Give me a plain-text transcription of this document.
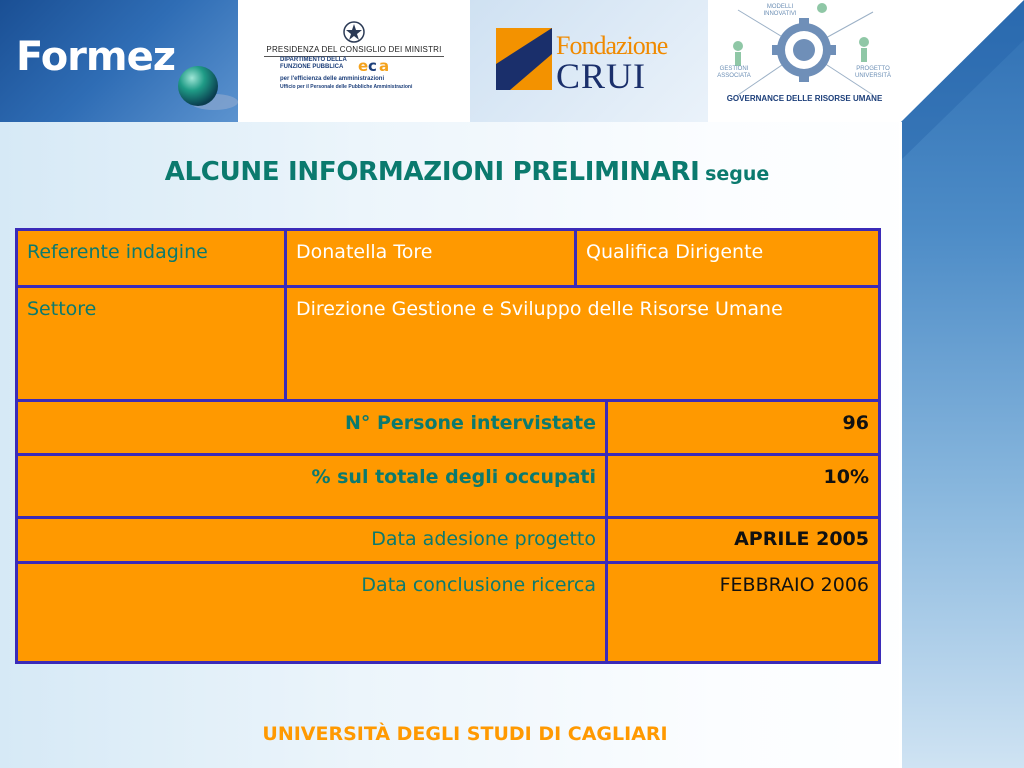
Formez	PRESIDENZA DEL CONSIGLIO DEI MINISTRI
DIPARTIMENTO DELLA
FUNZIONE PUBBLICA e c a
per l'efficienza delle amministrazioni
Ufficio per il Personale delle Pubbliche Amministrazioni
Fondazione
CRUI
MODELLI INNOVATIVI
GESTIONI ASSOCIATA
PROGETTO UNIVERSITÀ
GOVERNANCE DELLE RISORSE UMANE
ALCUNE INFORMAZIONI PRELIMINARI segue
Referente indagine	Donatella Tore	Qualifica Dirigente
Settore	Direzione Gestione e Sviluppo delle Risorse Umane
N° Persone intervistate	96
% sul totale degli occupati	10%
Data adesione progetto	APRILE 2005
Data conclusione ricerca	FEBBRAIO 2006
UNIVERSITÀ DEGLI STUDI DI CAGLIARI
